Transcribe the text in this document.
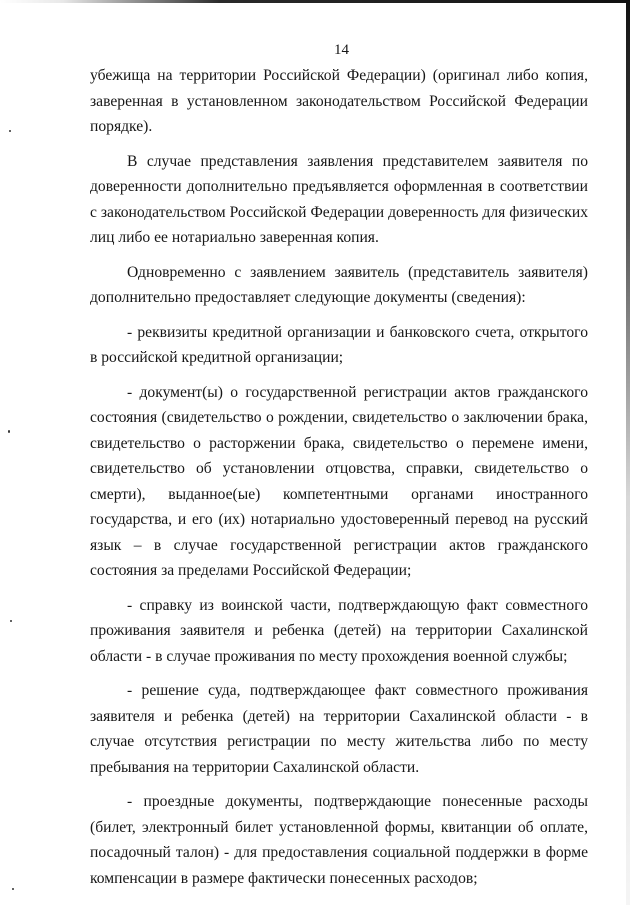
14

убежища на территории Российской Федерации) (оригинал либо копия, заверенная в установленном законодательством Российской Федерации порядке).

В случае представления заявления представителем заявителя по доверенности дополнительно предъявляется оформленная в соответствии с законодательством Российской Федерации доверенность для физических лиц либо ее нотариально заверенная копия.

Одновременно с заявлением заявитель (представитель заявителя) дополнительно предоставляет следующие документы (сведения):

- реквизиты кредитной организации и банковского счета, открытого в российской кредитной организации;

- документ(ы) о государственной регистрации актов гражданского состояния (свидетельство о рождении, свидетельство о заключении брака, свидетельство о расторжении брака, свидетельство о перемене имени, свидетельство об установлении отцовства, справки, свидетельство о смерти), выданное(ые) компетентными органами иностранного государства, и его (их) нотариально удостоверенный перевод на русский язык – в случае государственной регистрации актов гражданского состояния за пределами Российской Федерации;

- справку из воинской части, подтверждающую факт совместного проживания заявителя и ребенка (детей) на территории Сахалинской области - в случае проживания по месту прохождения военной службы;

- решение суда, подтверждающее факт совместного проживания заявителя и ребенка (детей) на территории Сахалинской области - в случае отсутствия регистрации по месту жительства либо по месту пребывания на территории Сахалинской области.

- проездные документы, подтверждающие понесенные расходы (билет, электронный билет установленной формы, квитанции об оплате, посадочный талон) - для предоставления социальной поддержки в форме компенсации в размере фактически понесенных расходов;
